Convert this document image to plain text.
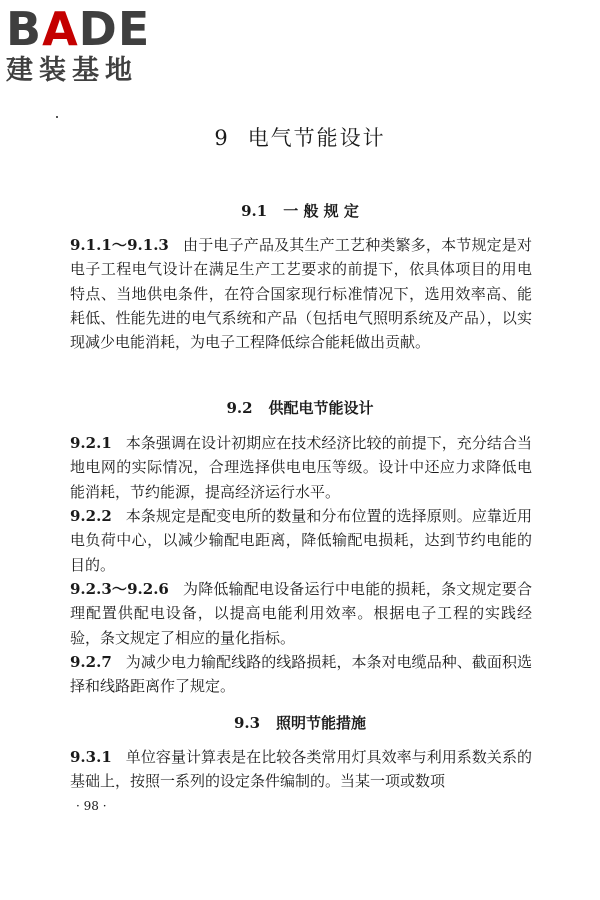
BADE
建装基地
9 电气节能设计
9.1 一 般 规 定

9.1.1～9.1.3 由于电子产品及其生产工艺种类繁多，本节规定是对电子工程电气设计在满足生产工艺要求的前提下，依具体项目的用电特点、当地供电条件，在符合国家现行标准情况下，选用效率高、能耗低、性能先进的电气系统和产品（包括电气照明系统及产品），以实现减少电能消耗，为电子工程降低综合能耗做出贡献。

9.2 供配电节能设计

9.2.1 本条强调在设计初期应在技术经济比较的前提下，充分结合当地电网的实际情况，合理选择供电电压等级。设计中还应力求降低电能消耗，节约能源，提高经济运行水平。

9.2.2 本条规定是配变电所的数量和分布位置的选择原则。应靠近用电负荷中心，以减少输配电距离，降低输配电损耗，达到节约电能的目的。

9.2.3～9.2.6 为降低输配电设备运行中电能的损耗，条文规定要合理配置供配电设备，以提高电能利用效率。根据电子工程的实践经验，条文规定了相应的量化指标。

9.2.7 为减少电力输配线路的线路损耗，本条对电缆品种、截面积选择和线路距离作了规定。

9.3 照明节能措施

9.3.1 单位容量计算表是在比较各类常用灯具效率与利用系数关系的基础上，按照一系列的设定条件编制的。当某一项或数项

· 98 ·
